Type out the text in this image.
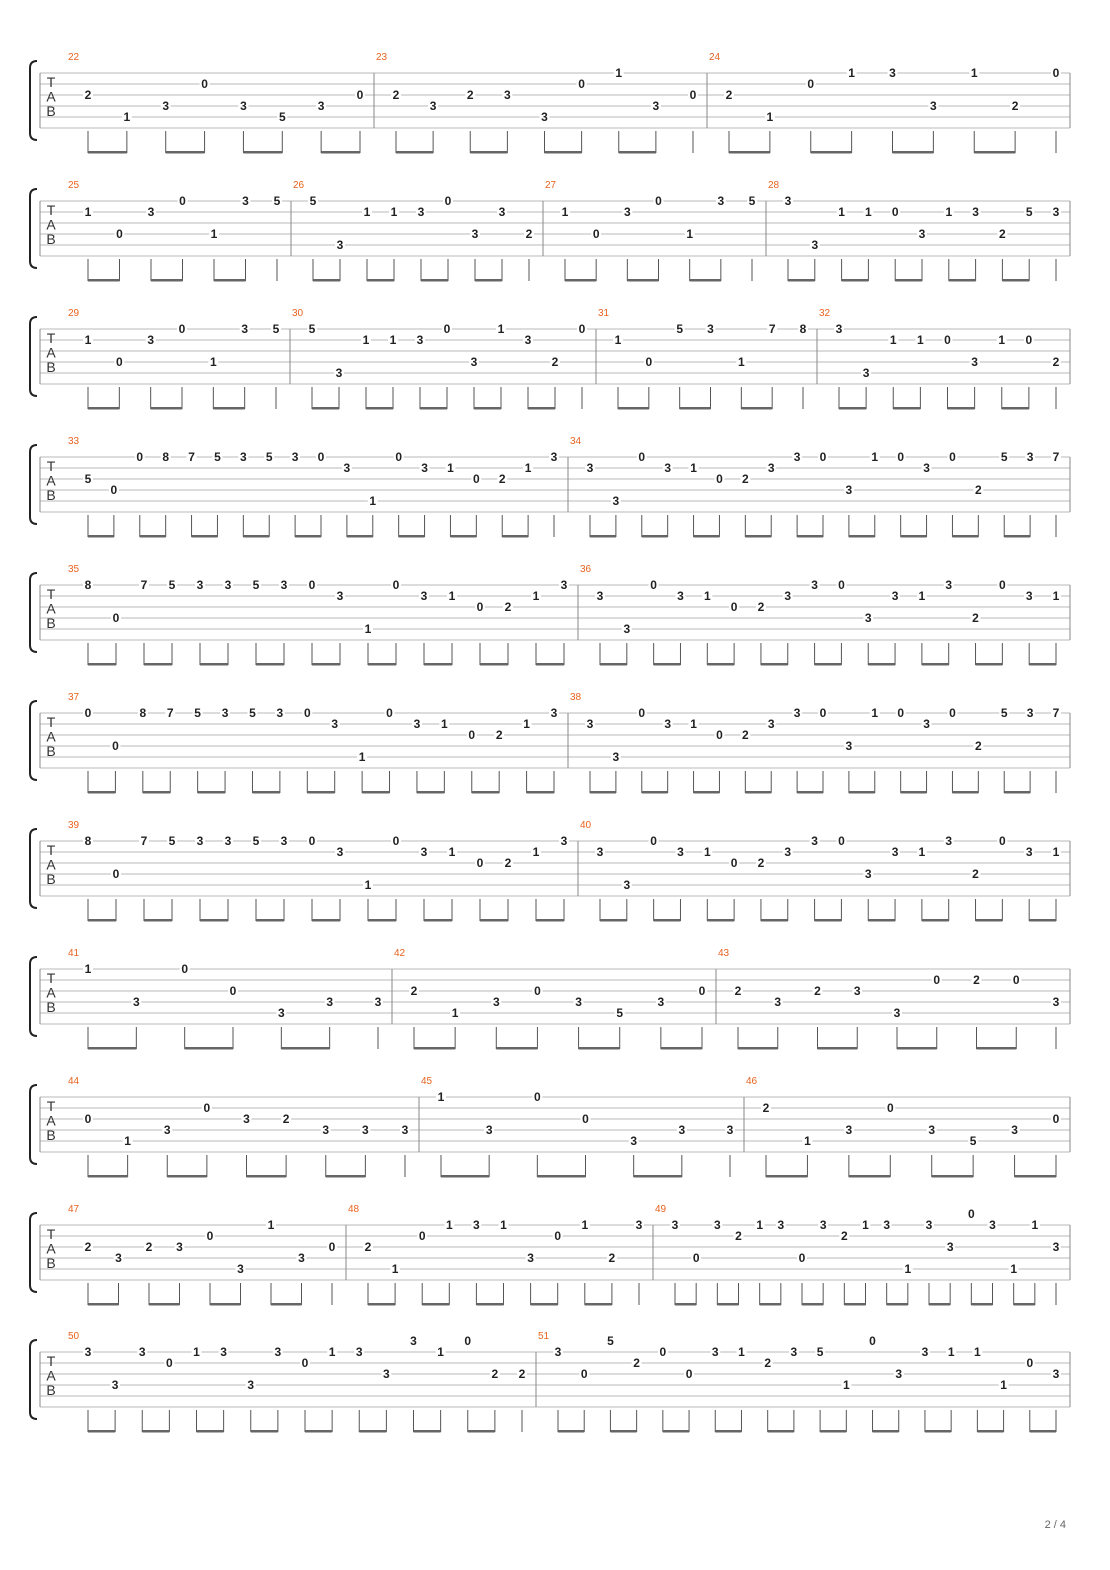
T
A
B
22
2
1
3
0
3
5
3
0
23
2
3
2	3
3
0
1
3
0
24
2
1
0
1	3
3
1
2
0
T
A
B
25
1
0
3
0
1
3 5
26
5
3
1 1 3
0
3
3
2
27
1
0
3
0
1
3 5
28
3
3
1 1 0
3
1 3
2
5 3
T
A
B
29
1
0
3
0
1
3 5
30
5
3
1 1 3
0
3
1
3
2
0
31
1
0
5 3
1
7 8
32
3
3
1 1 0
3
1 0
2
T
A
B
33
5
0
0 8 7 5 3 5 3 0
3
1
0
3 1
0 2
1
3
34
3
3
0
3 1
0 2
3
3 0
3
1 0
3
0
2
5 3 7
T
A
B
35
8
0
7 5 3 3 5 3 0
3
1
0
3 1
0 2
1
3
36
3
3
0
3 1
0 2
3
3 0
3
3 1
3
2
0
3 1
T
A
B
37
0
0
8 7 5 3 5 3 0
3
1
0
3 1
0 2
1
3
38
3
3
0
3 1
0 2
3
3 0
3
1 0
3
0
2
5 3 7
T
A
B
39
8
0
7 5 3 3 5 3 0
3
1
0
3 1
0 2
1
3
40
3
3
0
3 1
0 2
3
3 0
3
3 1
3
2
0
3 1
T
A
B
41
1
3
0
0
3
3	3
42
2
1
3
0
3
5
3
0
43
2
3
2	3
3
0	2	0
3
T
A
B
44
0
1
3
0
3	2
3	3	3
45
1
3
0
0
3
3	3
46
2
1
3
0
3
5
3
0
T
A
B
47
2
3
2 3
0
3
1
3
0
48
2
1
0
1 3 1
3
0
1
2
3
49
3
0
3
2
1 3
0
3
2
1 3
1
3
3
0
3
1
1
3
T
A
B
50
3
3
3
0
1 3
3
3
0
1 3
3
3
1
0
2 2
51
3
0
5
2
0
0
3 1
2
3 5
1
0
3
3 1 1
1
0
3
2 / 4
